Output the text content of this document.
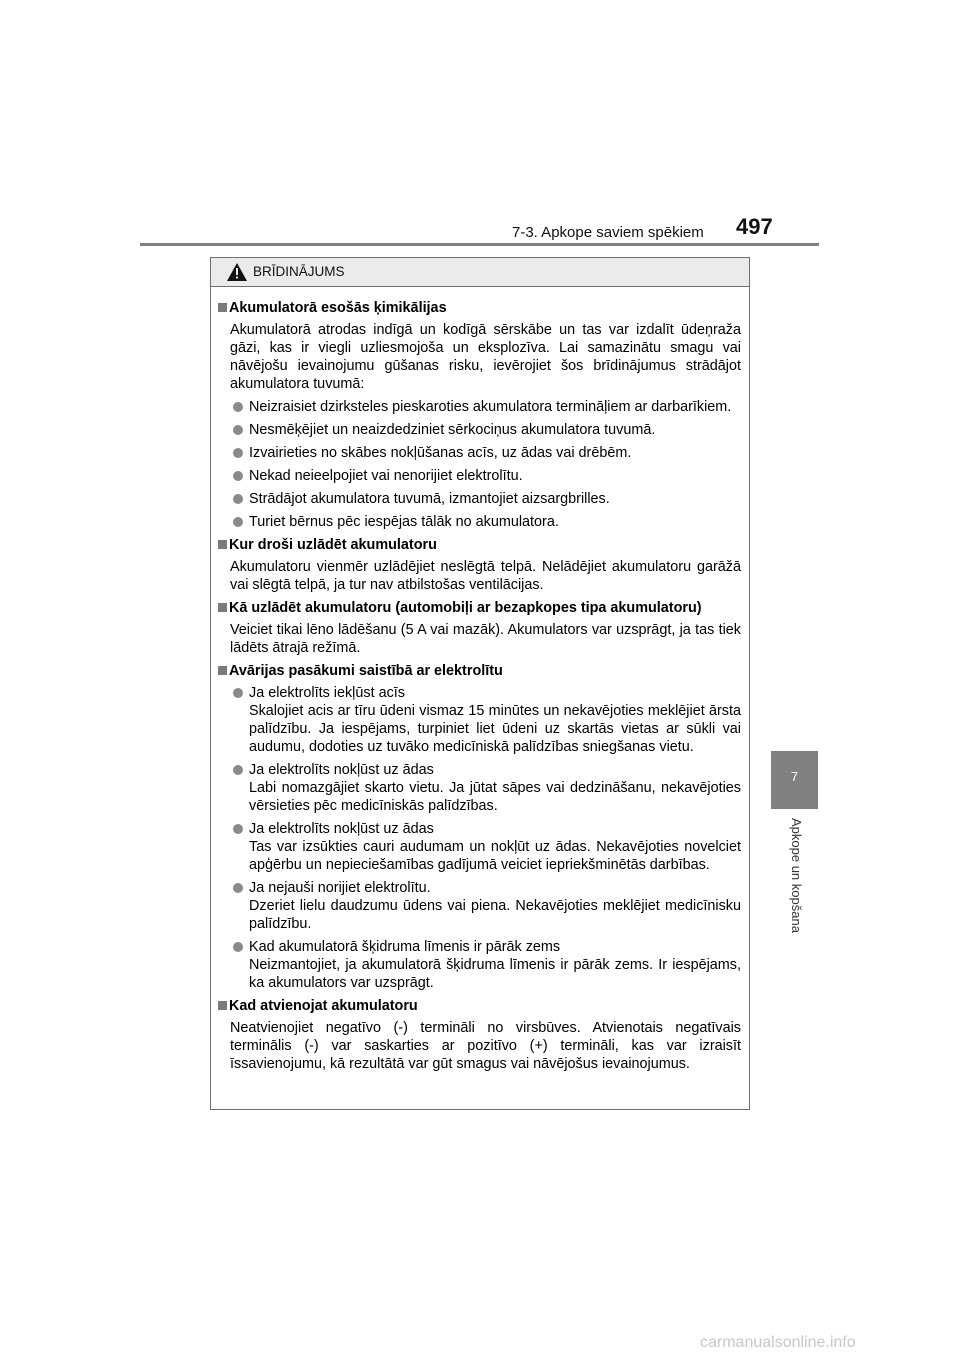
7-3. Apkope saviem spēkiem 497
7
Apkope un kopšana
BRĪDINĀJUMS
Akumulatorā esošās ķimikālijas
Akumulatorā atrodas indīgā un kodīgā sērskābe un tas var izdalīt ūdeņraža gāzi, kas ir viegli uzliesmojoša un eksplozīva. Lai samazinātu smagu vai nāvējošu ievainojumu gūšanas risku, ievērojiet šos brīdinājumus strādājot akumulatora tuvumā:
Neizraisiet dzirksteles pieskaroties akumulatora termināļiem ar darbarīkiem.
Nesmēķējiet un neaizdedziniet sērkociņus akumulatora tuvumā.
Izvairieties no skābes nokļūšanas acīs, uz ādas vai drēbēm.
Nekad neieelpojiet vai nenorijiet elektrolītu.
Strādājot akumulatora tuvumā, izmantojiet aizsargbrilles.
Turiet bērnus pēc iespējas tālāk no akumulatora.
Kur droši uzlādēt akumulatoru
Akumulatoru vienmēr uzlādējiet neslēgtā telpā. Nelādējiet akumulatoru garāžā vai slēgtā telpā, ja tur nav atbilstošas ventilācijas.
Kā uzlādēt akumulatoru (automobiļi ar bezapkopes tipa akumulatoru)
Veiciet tikai lēno lādēšanu (5 A vai mazāk). Akumulators var uzsprāgt, ja tas tiek lādēts ātrajā režīmā.
Avārijas pasākumi saistībā ar elektrolītu
Ja elektrolīts iekļūst acīs
Skalojiet acis ar tīru ūdeni vismaz 15 minūtes un nekavējoties meklējiet ārsta palīdzību. Ja iespējams, turpiniet liet ūdeni uz skartās vietas ar sūkli vai audumu, dodoties uz tuvāko medicīniskā palīdzības sniegšanas vietu.
Ja elektrolīts nokļūst uz ādas
Labi nomazgājiet skarto vietu. Ja jūtat sāpes vai dedzināšanu, nekavējoties vērsieties pēc medicīniskās palīdzības.
Ja elektrolīts nokļūst uz ādas
Tas var izsūkties cauri audumam un nokļūt uz ādas. Nekavējoties novelciet apģērbu un nepieciešamības gadījumā veiciet iepriekšminētās darbības.
Ja nejauši norijiet elektrolītu.
Dzeriet lielu daudzumu ūdens vai piena. Nekavējoties meklējiet medicīnisku palīdzību.
Kad akumulatorā šķidruma līmenis ir pārāk zems
Neizmantojiet, ja akumulatorā šķidruma līmenis ir pārāk zems. Ir iespējams, ka akumulators var uzsprāgt.
Kad atvienojat akumulatoru
Neatvienojiet negatīvo (-) termināli no virsbūves. Atvienotais negatīvais terminālis (-) var saskarties ar pozitīvo (+) termināli, kas var izraisīt īssavienojumu, kā rezultātā var gūt smagus vai nāvējošus ievainojumus.
carmanualsonline.info
